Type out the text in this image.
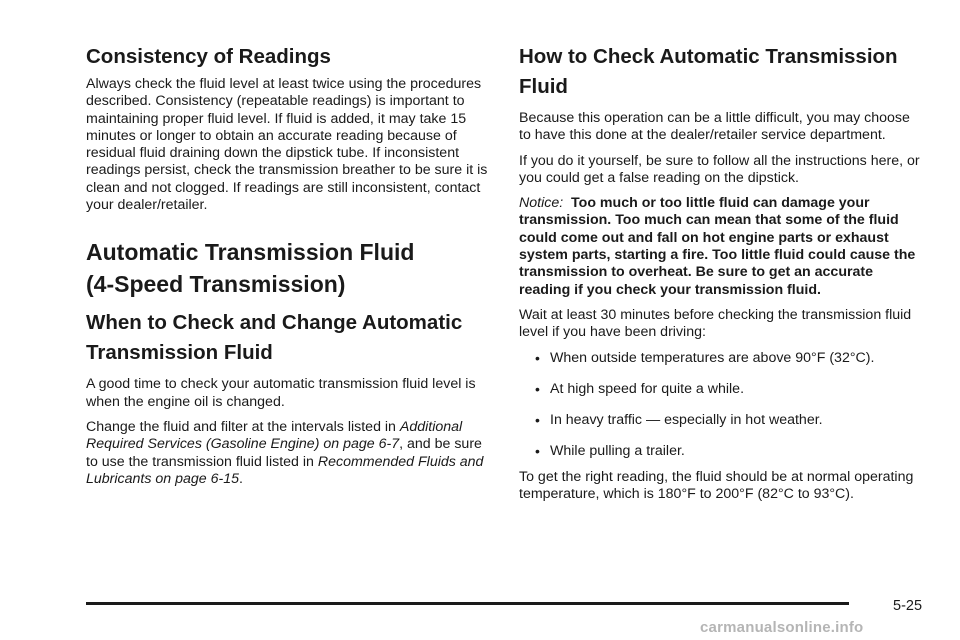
Consistency of Readings

Always check the fluid level at least twice using the procedures described. Consistency (repeatable readings) is important to maintaining proper fluid level. If fluid is added, it may take 15 minutes or longer to obtain an accurate reading because of residual fluid draining down the dipstick tube. If inconsistent readings persist, check the transmission breather to be sure it is clean and not clogged. If readings are still inconsistent, contact your dealer/retailer.

Automatic Transmission Fluid
(4-Speed Transmission)
When to Check and Change Automatic
Transmission Fluid

A good time to check your automatic transmission fluid level is when the engine oil is changed.

Change the fluid and filter at the intervals listed in Additional Required Services (Gasoline Engine) on page 6-7, and be sure to use the transmission fluid listed in Recommended Fluids and Lubricants on page 6-15.

How to Check Automatic Transmission
Fluid

Because this operation can be a little difficult, you may choose to have this done at the dealer/retailer service department.

If you do it yourself, be sure to follow all the instructions here, or you could get a false reading on the dipstick.

Notice: Too much or too little fluid can damage your transmission. Too much can mean that some of the fluid could come out and fall on hot engine parts or exhaust system parts, starting a fire. Too little fluid could cause the transmission to overheat. Be sure to get an accurate reading if you check your transmission fluid.

Wait at least 30 minutes before checking the transmission fluid level if you have been driving:

• When outside temperatures are above 90°F (32°C).
• At high speed for quite a while.
• In heavy traffic — especially in hot weather.
• While pulling a trailer.

To get the right reading, the fluid should be at normal operating temperature, which is 180°F to 200°F (82°C to 93°C).

5-25
carmanualsonline.info
